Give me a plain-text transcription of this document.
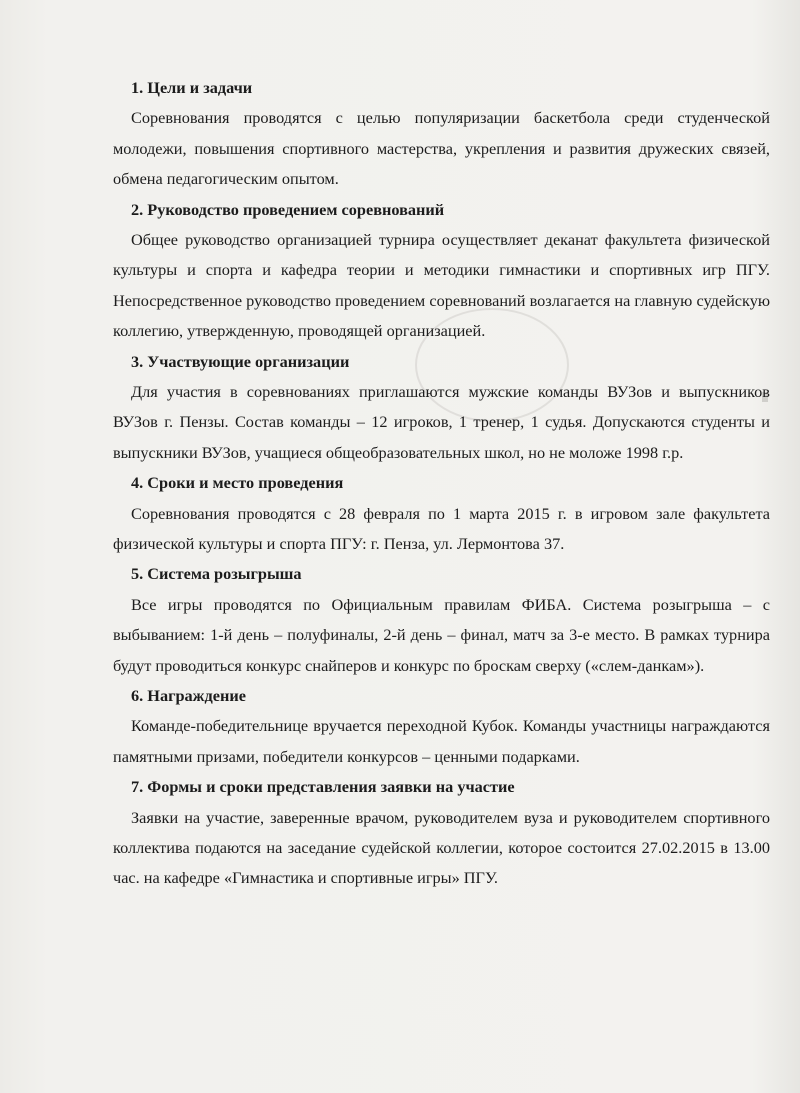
1. Цели и задачи

Соревнования проводятся с целью популяризации баскетбола среди студенческой молодежи, повышения спортивного мастерства, укрепления и развития дружеских связей, обмена педагогическим опытом.

2. Руководство проведением соревнований

Общее руководство организацией турнира осуществляет деканат факультета физической культуры и спорта и кафедра теории и методики гимнастики и спортивных игр ПГУ. Непосредственное руководство проведением соревнований возлагается на главную судейскую коллегию, утвержденную, проводящей организацией.

3. Участвующие организации

Для участия в соревнованиях приглашаются мужские команды ВУЗов и выпускников ВУЗов г. Пензы. Состав команды – 12 игроков, 1 тренер, 1 судья. Допускаются студенты и выпускники ВУЗов, учащиеся общеобразовательных школ, но не моложе 1998 г.р.

4. Сроки и место проведения

Соревнования проводятся с 28 февраля по 1 марта 2015 г. в игровом зале факультета физической культуры и спорта ПГУ: г. Пенза, ул. Лермонтова 37.

5. Система розыгрыша

Все игры проводятся по Официальным правилам ФИБА. Система розыгрыша – с выбыванием: 1-й день – полуфиналы, 2-й день – финал, матч за 3-е место. В рамках турнира будут проводиться конкурс снайперов и конкурс по броскам сверху («слем-данкам»).

6. Награждение

Команде-победительнице вручается переходной Кубок. Команды участницы награждаются памятными призами, победители конкурсов – ценными подарками.

7. Формы и сроки представления заявки на участие

Заявки на участие, заверенные врачом, руководителем вуза и руководителем спортивного коллектива подаются на заседание судейской коллегии, которое состоится 27.02.2015 в 13.00 час. на кафедре «Гимнастика и спортивные игры» ПГУ.
